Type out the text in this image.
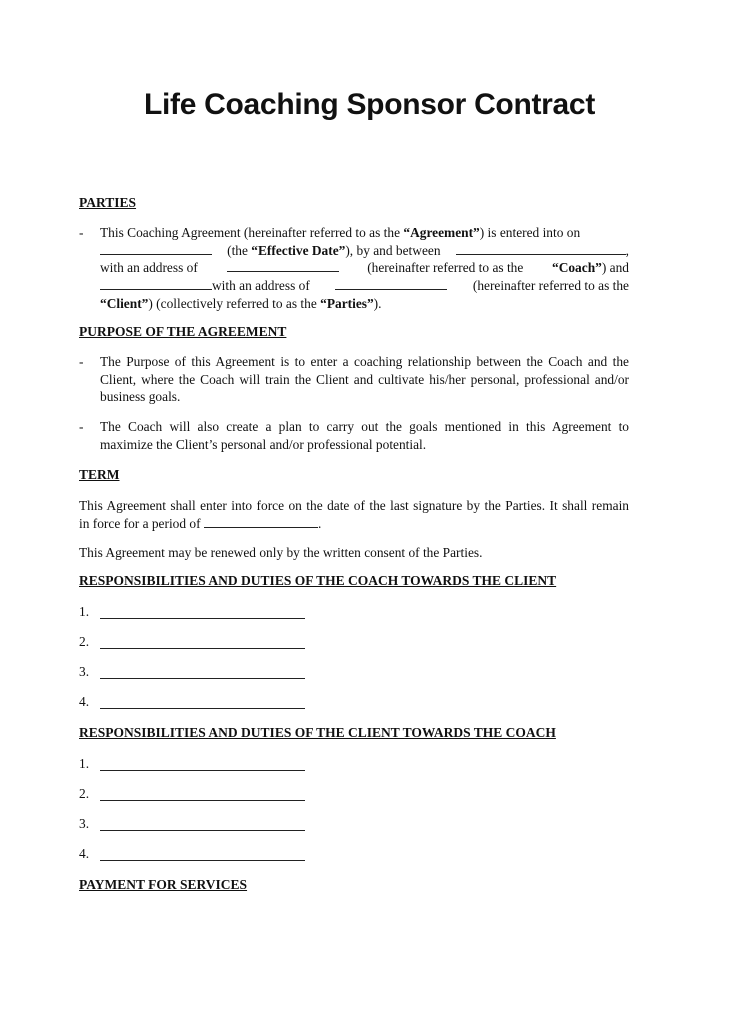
Life Coaching Sponsor Contract
PARTIES
- This Coaching Agreement (hereinafter referred to as the “Agreement”) is entered into on
(the “Effective Date”), by and between	,
with an address of	(hereinafter referred to as the “Coach”) and
with an address of	(hereinafter referred to as the
“Client”) (collectively referred to as the “Parties”).
PURPOSE OF THE AGREEMENT
- The Purpose of this Agreement is to enter a coaching relationship between the Coach and the
Client, where the Coach will train the Client and cultivate his/her personal, professional and/or
business goals.
- The Coach will also create a plan to carry out the goals mentioned in this Agreement to
maximize the Client’s personal and/or professional potential.
TERM
This Agreement shall enter into force on the date of the last signature by the Parties. It shall remain
in force for a period of	.
This Agreement may be renewed only by the written consent of the Parties.
RESPONSIBILITIES AND DUTIES OF THE COACH TOWARDS THE CLIENT
1.
2.
3.
4.
RESPONSIBILITIES AND DUTIES OF THE CLIENT TOWARDS THE COACH
1.
2.
3.
4.
PAYMENT FOR SERVICES
